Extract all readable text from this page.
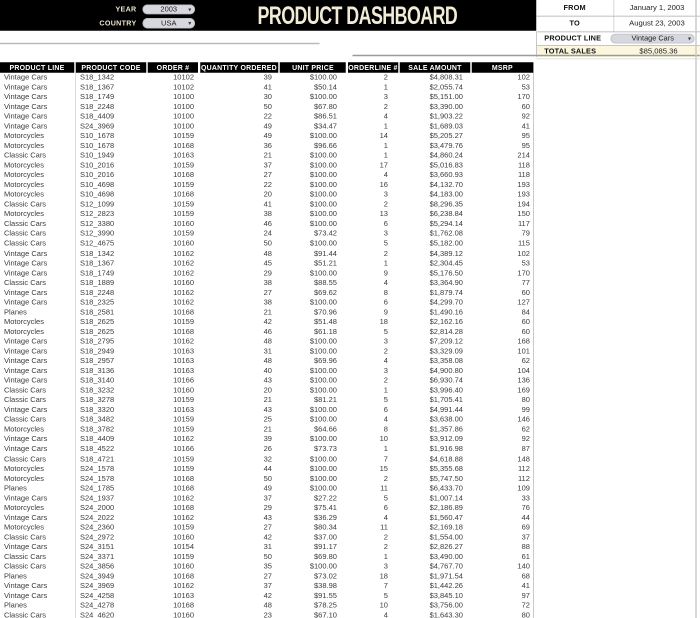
YEAR 2003 ▾
COUNTRY USA ▾ PRODUCT DASHBOARD	FROM	January 1, 2003
TO	August 23, 2003
PRODUCT LINE	Vintage Cars ▾
TOTAL SALES	$85,085.36
PRODUCT LINE	PRODUCT CODE	ORDER #	QUANTITY ORDERED	UNIT PRICE	ORDERLINE #	SALE AMOUNT	MSRP
Vintage Cars	S18_1342	10102	39	$100.00	2	$4,808.31	102
Vintage Cars	S18_1367	10102	41	$50.14	1	$2,055.74	53
Vintage Cars	S18_1749	10100	30	$100.00	3	$5,151.00	170
Vintage Cars	S18_2248	10100	50	$67.80	2	$3,390.00	60
Vintage Cars	S18_4409	10100	22	$86.51	4	$1,903.22	92
Vintage Cars	S24_3969	10100	49	$34.47	1	$1,689.03	41
Motorcycles	S10_1678	10159	49	$100.00	14	$5,205.27	95
Motorcycles	S10_1678	10168	36	$96.66	1	$3,479.76	95
Classic Cars	S10_1949	10163	21	$100.00	1	$4,860.24	214
Motorcycles	S10_2016	10159	37	$100.00	17	$5,016.83	118
Motorcycles	S10_2016	10168	27	$100.00	4	$3,660.93	118
Motorcycles	S10_4698	10159	22	$100.00	16	$4,132.70	193
Motorcycles	S10_4698	10168	20	$100.00	3	$4,183.00	193
Classic Cars	S12_1099	10159	41	$100.00	2	$8,296.35	194
Motorcycles	S12_2823	10159	38	$100.00	13	$6,238.84	150
Classic Cars	S12_3380	10160	46	$100.00	6	$5,294.14	117
Classic Cars	S12_3990	10159	24	$73.42	3	$1,762.08	79
Classic Cars	S12_4675	10160	50	$100.00	5	$5,182.00	115
Vintage Cars	S18_1342	10162	48	$91.44	2	$4,389.12	102
Vintage Cars	S18_1367	10162	45	$51.21	1	$2,304.45	53
Vintage Cars	S18_1749	10162	29	$100.00	9	$5,176.50	170
Classic Cars	S18_1889	10160	38	$88.55	4	$3,364.90	77
Vintage Cars	S18_2248	10162	27	$69.62	8	$1,879.74	60
Vintage Cars	S18_2325	10162	38	$100.00	6	$4,299.70	127
Planes	S18_2581	10168	21	$70.96	9	$1,490.16	84
Motorcycles	S18_2625	10159	42	$51.48	18	$2,162.16	60
Motorcycles	S18_2625	10168	46	$61.18	5	$2,814.28	60
Vintage Cars	S18_2795	10162	48	$100.00	3	$7,209.12	168
Vintage Cars	S18_2949	10163	31	$100.00	2	$3,329.09	101
Vintage Cars	S18_2957	10163	48	$69.96	4	$3,358.08	62
Vintage Cars	S18_3136	10163	40	$100.00	3	$4,900.80	104
Vintage Cars	S18_3140	10166	43	$100.00	2	$6,930.74	136
Classic Cars	S18_3232	10160	20	$100.00	1	$3,996.40	169
Classic Cars	S18_3278	10159	21	$81.21	5	$1,705.41	80
Vintage Cars	S18_3320	10163	43	$100.00	6	$4,991.44	99
Classic Cars	S18_3482	10159	25	$100.00	4	$3,638.00	146
Motorcycles	S18_3782	10159	21	$64.66	8	$1,357.86	62
Vintage Cars	S18_4409	10162	39	$100.00	10	$3,912.09	92
Vintage Cars	S18_4522	10166	26	$73.73	1	$1,916.98	87
Classic Cars	S18_4721	10159	32	$100.00	7	$4,618.88	148
Motorcycles	S24_1578	10159	44	$100.00	15	$5,355.68	112
Motorcycles	S24_1578	10168	50	$100.00	2	$5,747.50	112
Planes	S24_1785	10168	49	$100.00	11	$6,433.70	109
Vintage Cars	S24_1937	10162	37	$27.22	5	$1,007.14	33
Motorcycles	S24_2000	10168	29	$75.41	6	$2,186.89	76
Vintage Cars	S24_2022	10162	43	$36.29	4	$1,560.47	44
Motorcycles	S24_2360	10159	27	$80.34	11	$2,169.18	69
Classic Cars	S24_2972	10160	42	$37.00	2	$1,554.00	37
Vintage Cars	S24_3151	10154	31	$91.17	2	$2,826.27	88
Classic Cars	S24_3371	10159	50	$69.80	1	$3,490.00	61
Classic Cars	S24_3856	10160	35	$100.00	3	$4,767.70	140
Planes	S24_3949	10168	27	$73.02	18	$1,971.54	68
Vintage Cars	S24_3969	10162	37	$38.98	7	$1,442.26	41
Vintage Cars	S24_4258	10163	42	$91.55	5	$3,845.10	97
Planes	S24_4278	10168	48	$78.25	10	$3,756.00	72
Classic Cars	S24_4620	10160	23	$67.10	4	$1,643.30	80
